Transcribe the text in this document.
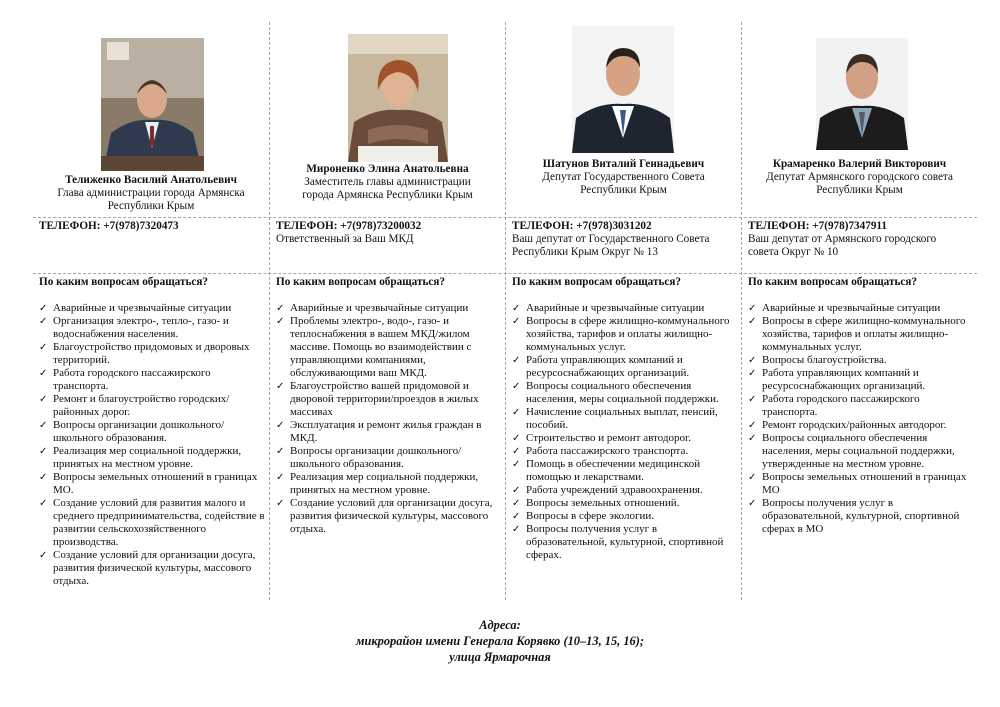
Телиженко Василий Анатольевич
Глава администрации города Армянска Республики Крым
ТЕЛЕФОН: +7(978)7320473
По каким вопросам обращаться?
✓ Аварийные и чрезвычайные ситуации
✓ Организация электро-, тепло-, газо- и водоснабжения населения.
✓ Благоустройство придомовых и дворовых территорий.
✓ Работа городского пассажирского транспорта.
✓ Ремонт и благоустройство городских/районных дорог.
✓ Вопросы организации дошкольного/школьного образования.
✓ Реализация мер социальной поддержки, принятых на местном уровне.
✓ Вопросы земельных отношений в границах МО.
✓ Создание условий для развития малого и среднего предпринимательства, содействие в развитии сельскохозяйственного производства.
✓ Создание условий для организации досуга, развития физической культуры, массового отдыха.
Мироненко Элина Анатольевна
Заместитель главы администрации города Армянска Республики Крым
ТЕЛЕФОН: +7(978)73200032
Ответственный за Ваш МКД
По каким вопросам обращаться?
✓ Аварийные и чрезвычайные ситуации
✓ Проблемы электро-, водо-, газо- и теплоснабжения в вашем МКД/жилом массиве. Помощь во взаимодействии с управляющими компаниями, обслуживающими ваш МКД.
✓ Благоустройство вашей придомовой и дворовой территории/проездов в жилых массивах
✓ Эксплуатация и ремонт жилья граждан в МКД.
✓ Вопросы организации дошкольного/школьного образования.
✓ Реализация мер социальной поддержки, принятых на местном уровне.
✓ Создание условий для организации досуга, развития физической культуры, массового отдыха.
Шатунов Виталий Геннадьевич
Депутат Государственного Совета Республики Крым
ТЕЛЕФОН: +7(978)3031202
Ваш депутат от Государственного Совета Республики Крым Округ № 13
По каким вопросам обращаться?
✓ Аварийные и чрезвычайные ситуации
✓ Вопросы в сфере жилищно-коммунального хозяйства, тарифов и оплаты жилищно-коммунальных услуг.
✓ Работа управляющих компаний и ресурсоснабжающих организаций.
✓ Вопросы социального обеспечения населения, меры социальной поддержки.
✓ Начисление социальных выплат, пенсий, пособий.
✓ Строительство и ремонт автодорог.
✓ Работа пассажирского транспорта.
✓ Помощь в обеспечении медицинской помощью и лекарствами.
✓ Работа учреждений здравоохранения.
✓ Вопросы земельных отношений.
✓ Вопросы в сфере экологии.
✓ Вопросы получения услуг в образовательной, культурной, спортивной сферах.
Крамаренко Валерий Викторович
Депутат Армянского городского совета Республики Крым
ТЕЛЕФОН: +7(978)7347911
Ваш депутат от Армянского городского совета Округ № 10
По каким вопросам обращаться?
✓ Аварийные и чрезвычайные ситуации
✓ Вопросы в сфере жилищно-коммунального хозяйства, тарифов и оплаты жилищно-коммунальных услуг.
✓ Вопросы благоустройства.
✓ Работа управляющих компаний и ресурсоснабжающих организаций.
✓ Работа городского пассажирского транспорта.
✓ Ремонт городских/районных автодорог.
✓ Вопросы социального обеспечения населения, меры социальной поддержки, утвержденные на местном уровне.
✓ Вопросы земельных отношений в границах МО
✓ Вопросы получения услуг в образовательной, культурной, спортивной сферах в МО
Адреса:
микрорайон имени Генерала Корявко (10–13, 15, 16);
улица Ярмарочная
